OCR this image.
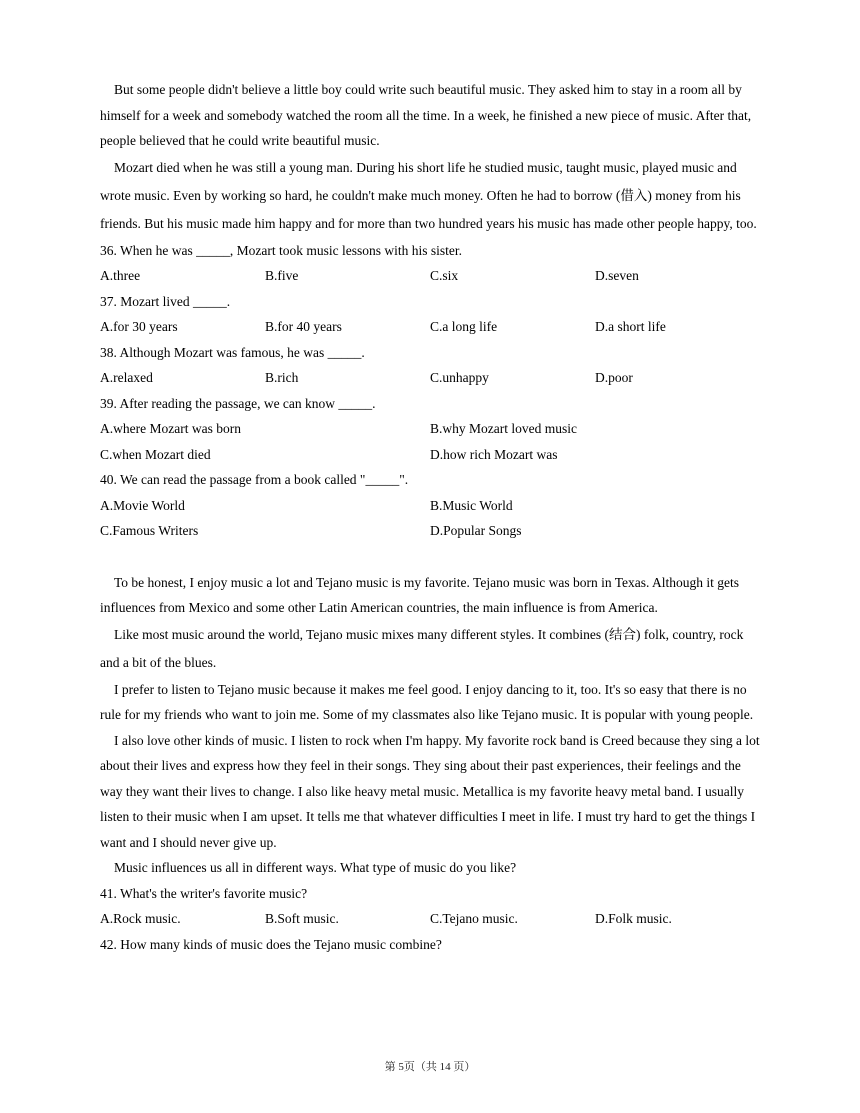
But some people didn't believe a little boy could write such beautiful music. They asked him to stay in a room all by himself for a week and somebody watched the room all the time. In a week, he finished a new piece of music. After that, people believed that he could write beautiful music.

Mozart died when he was still a young man. During his short life he studied music, taught music, played music and wrote music. Even by working so hard, he couldn't make much money. Often he had to borrow (借入) money from his friends. But his music made him happy and for more than two hundred years his music has made other people happy, too.

36. When he was _____, Mozart took music lessons with his sister.

A.three	B.five	C.six	D.seven

37. Mozart lived _____.

A.for 30 years	B.for 40 years	C.a long life	D.a short life

38. Although Mozart was famous, he was _____.

A.relaxed	B.rich	C.unhappy	D.poor

39. After reading the passage, we can know _____.

A.where Mozart was born	B.why Mozart loved music
C.when Mozart died	D.how rich Mozart was

40. We can read the passage from a book called "_____".

A.Movie World	B.Music World
C.Famous Writers	D.Popular Songs

To be honest, I enjoy music a lot and Tejano music is my favorite. Tejano music was born in Texas. Although it gets influences from Mexico and some other Latin American countries, the main influence is from America.

Like most music around the world, Tejano music mixes many different styles. It combines (结合) folk, country, rock and a bit of the blues.

I prefer to listen to Tejano music because it makes me feel good. I enjoy dancing to it, too. It's so easy that there is no rule for my friends who want to join me. Some of my classmates also like Tejano music. It is popular with young people.

I also love other kinds of music. I listen to rock when I'm happy. My favorite rock band is Creed because they sing a lot about their lives and express how they feel in their songs. They sing about their past experiences, their feelings and the way they want their lives to change. I also like heavy metal music. Metallica is my favorite heavy metal band. I usually listen to their music when I am upset. It tells me that whatever difficulties I meet in life. I must try hard to get the things I want and I should never give up.

Music influences us all in different ways. What type of music do you like?

41. What's the writer's favorite music?

A.Rock music.	B.Soft music.	C.Tejano music.	D.Folk music.

42. How many kinds of music does the Tejano music combine?

第 5页（共 14 页）
